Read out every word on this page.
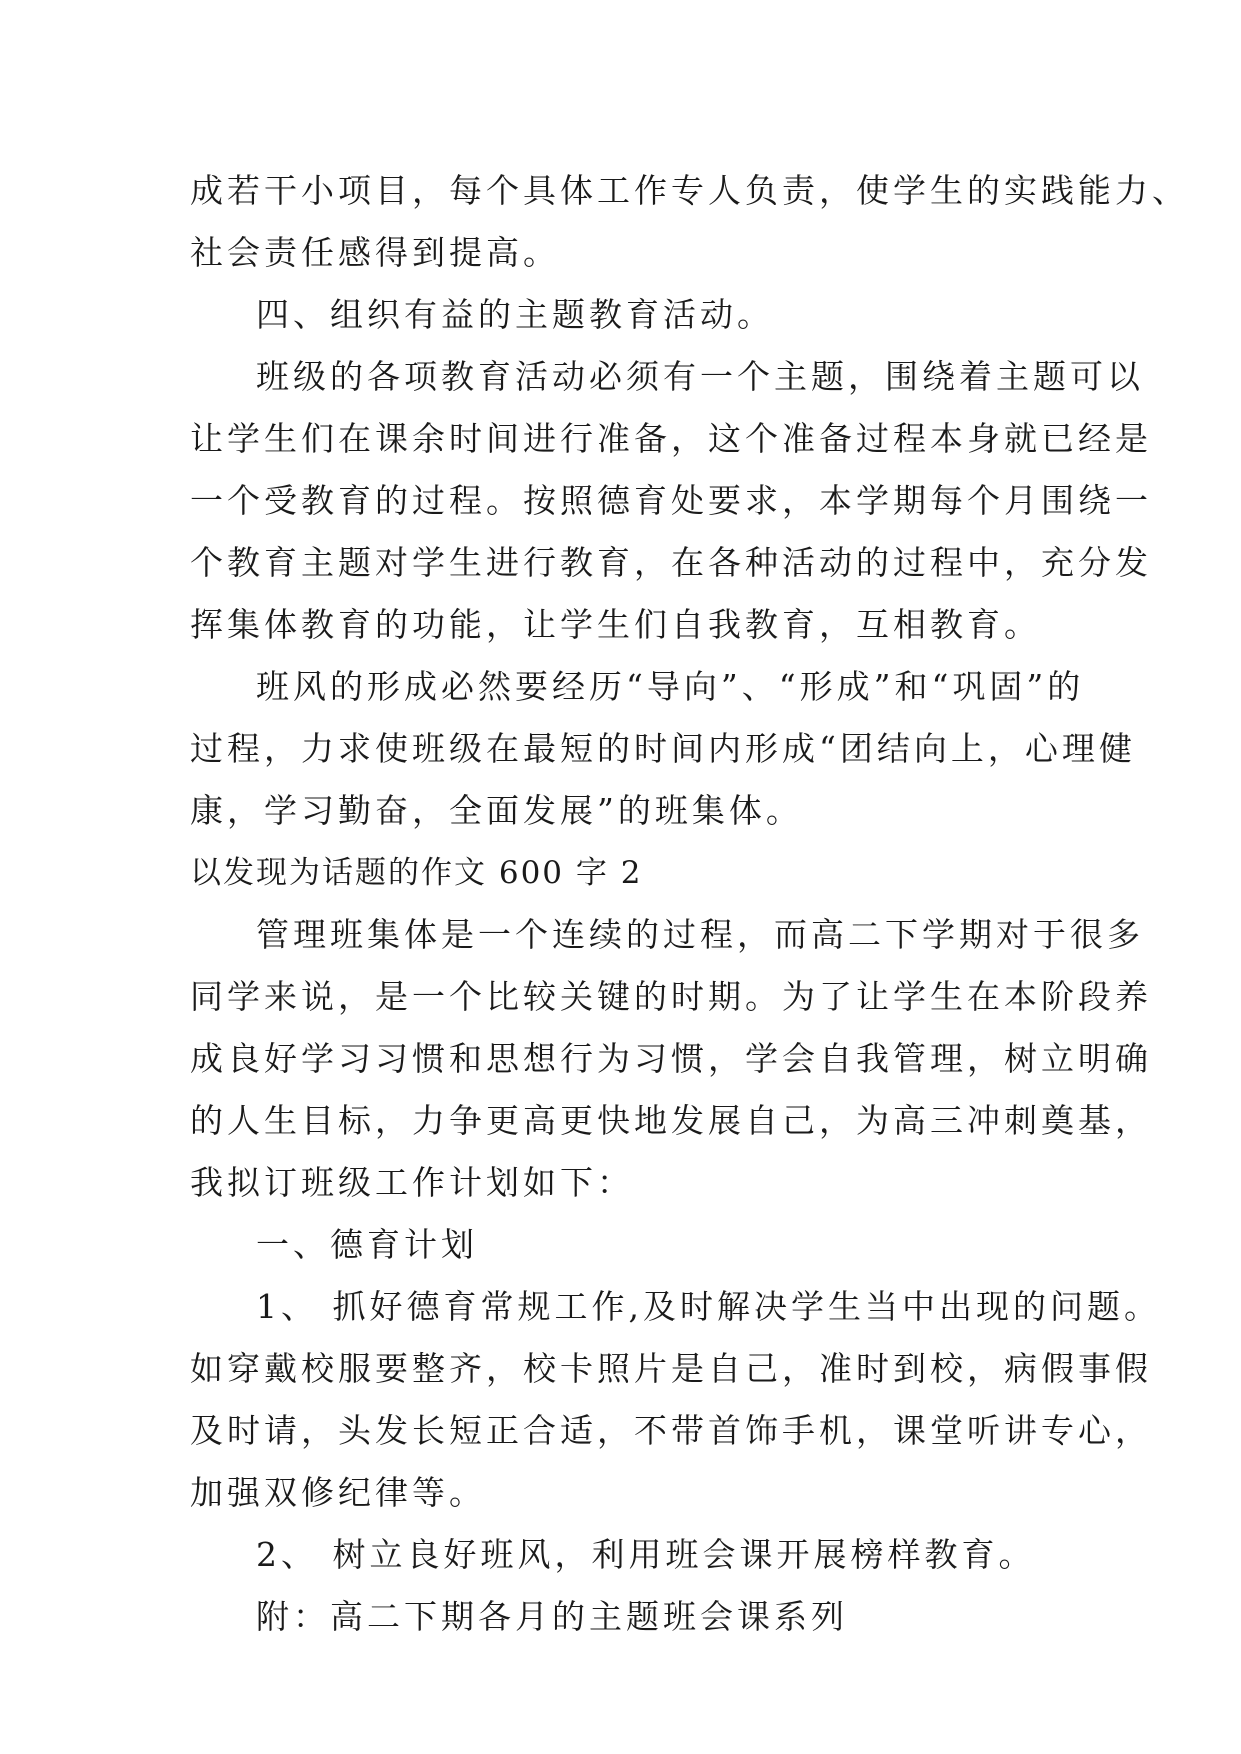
成若干小项目，每个具体工作专人负责，使学生的实践能力、
社会责任感得到提高。
四、组织有益的主题教育活动。
班级的各项教育活动必须有一个主题，围绕着主题可以
让学生们在课余时间进行准备，这个准备过程本身就已经是
一个受教育的过程。按照德育处要求，本学期每个月围绕一
个教育主题对学生进行教育，在各种活动的过程中，充分发
挥集体教育的功能，让学生们自我教育，互相教育。
班风的形成必然要经历“导向”、“形成”和“巩固”的
过程，力求使班级在最短的时间内形成“团结向上，心理健
康，学习勤奋，全面发展”的班集体。
以发现为话题的作文 600 字 2
管理班集体是一个连续的过程，而高二下学期对于很多
同学来说，是一个比较关键的时期。为了让学生在本阶段养
成良好学习习惯和思想行为习惯，学会自我管理，树立明确
的人生目标，力争更高更快地发展自己，为高三冲刺奠基，
我拟订班级工作计划如下：
一、德育计划
1、 抓好德育常规工作,及时解决学生当中出现的问题。
如穿戴校服要整齐，校卡照片是自己，准时到校，病假事假
及时请，头发长短正合适，不带首饰手机，课堂听讲专心，
加强双修纪律等。
2、 树立良好班风，利用班会课开展榜样教育。
附：高二下期各月的主题班会课系列
